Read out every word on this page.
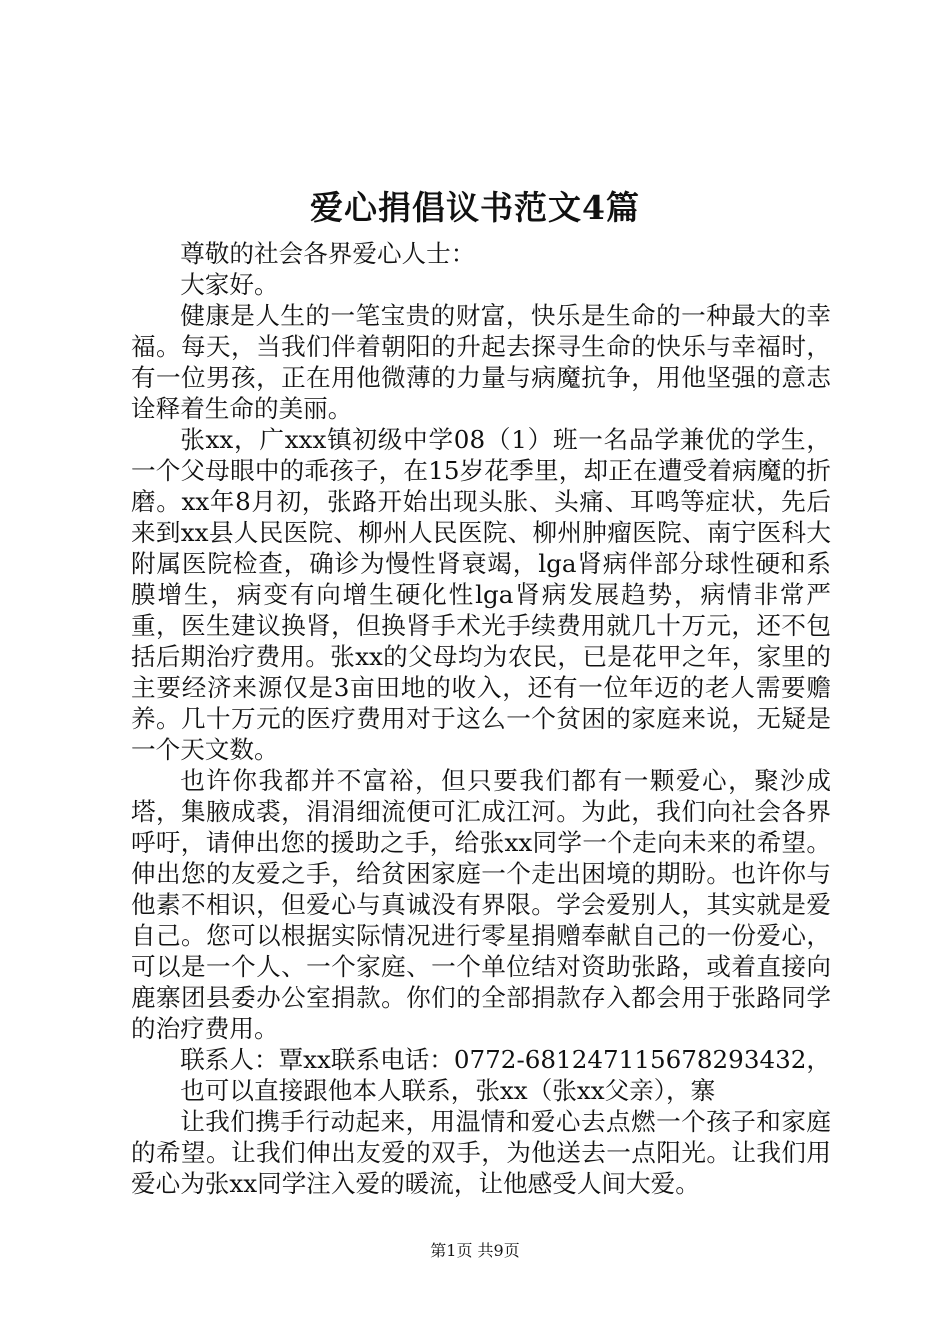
爱心捐倡议书范文4篇

尊敬的社会各界爱心人士：

大家好。

健康是人生的一笔宝贵的财富，快乐是生命的一种最大的幸福。每天，当我们伴着朝阳的升起去探寻生命的快乐与幸福时，有一位男孩，正在用他微薄的力量与病魔抗争，用他坚强的意志诠释着生命的美丽。

张xx，广xxx镇初级中学08（1）班一名品学兼优的学生，一个父母眼中的乖孩子，在15岁花季里，却正在遭受着病魔的折磨。xx年8月初，张路开始出现头胀、头痛、耳鸣等症状，先后来到xx县人民医院、柳州人民医院、柳州肿瘤医院、南宁医科大附属医院检查，确诊为慢性肾衰竭，lga肾病伴部分球性硬和系膜增生，病变有向增生硬化性lga肾病发展趋势，病情非常严重，医生建议换肾，但换肾手术光手续费用就几十万元，还不包括后期治疗费用。张xx的父母均为农民，已是花甲之年，家里的主要经济来源仅是3亩田地的收入，还有一位年迈的老人需要赡养。几十万元的医疗费用对于这么一个贫困的家庭来说，无疑是一个天文数。

也许你我都并不富裕，但只要我们都有一颗爱心，聚沙成塔，集腋成裘，涓涓细流便可汇成江河。为此，我们向社会各界呼吁，请伸出您的援助之手，给张xx同学一个走向未来的希望。伸出您的友爱之手，给贫困家庭一个走出困境的期盼。也许你与他素不相识，但爱心与真诚没有界限。学会爱别人，其实就是爱自己。您可以根据实际情况进行零星捐赠奉献自己的一份爱心，可以是一个人、一个家庭、一个单位结对资助张路，或着直接向鹿寨团县委办公室捐款。你们的全部捐款存入都会用于张路同学的治疗费用。

联系人：覃xx联系电话：0772-681247115678293432，

也可以直接跟他本人联系，张xx（张xx父亲），寨

让我们携手行动起来，用温情和爱心去点燃一个孩子和家庭的希望。让我们伸出友爱的双手，为他送去一点阳光。让我们用爱心为张xx同学注入爱的暖流，让他感受人间大爱。

第1页 共9页
